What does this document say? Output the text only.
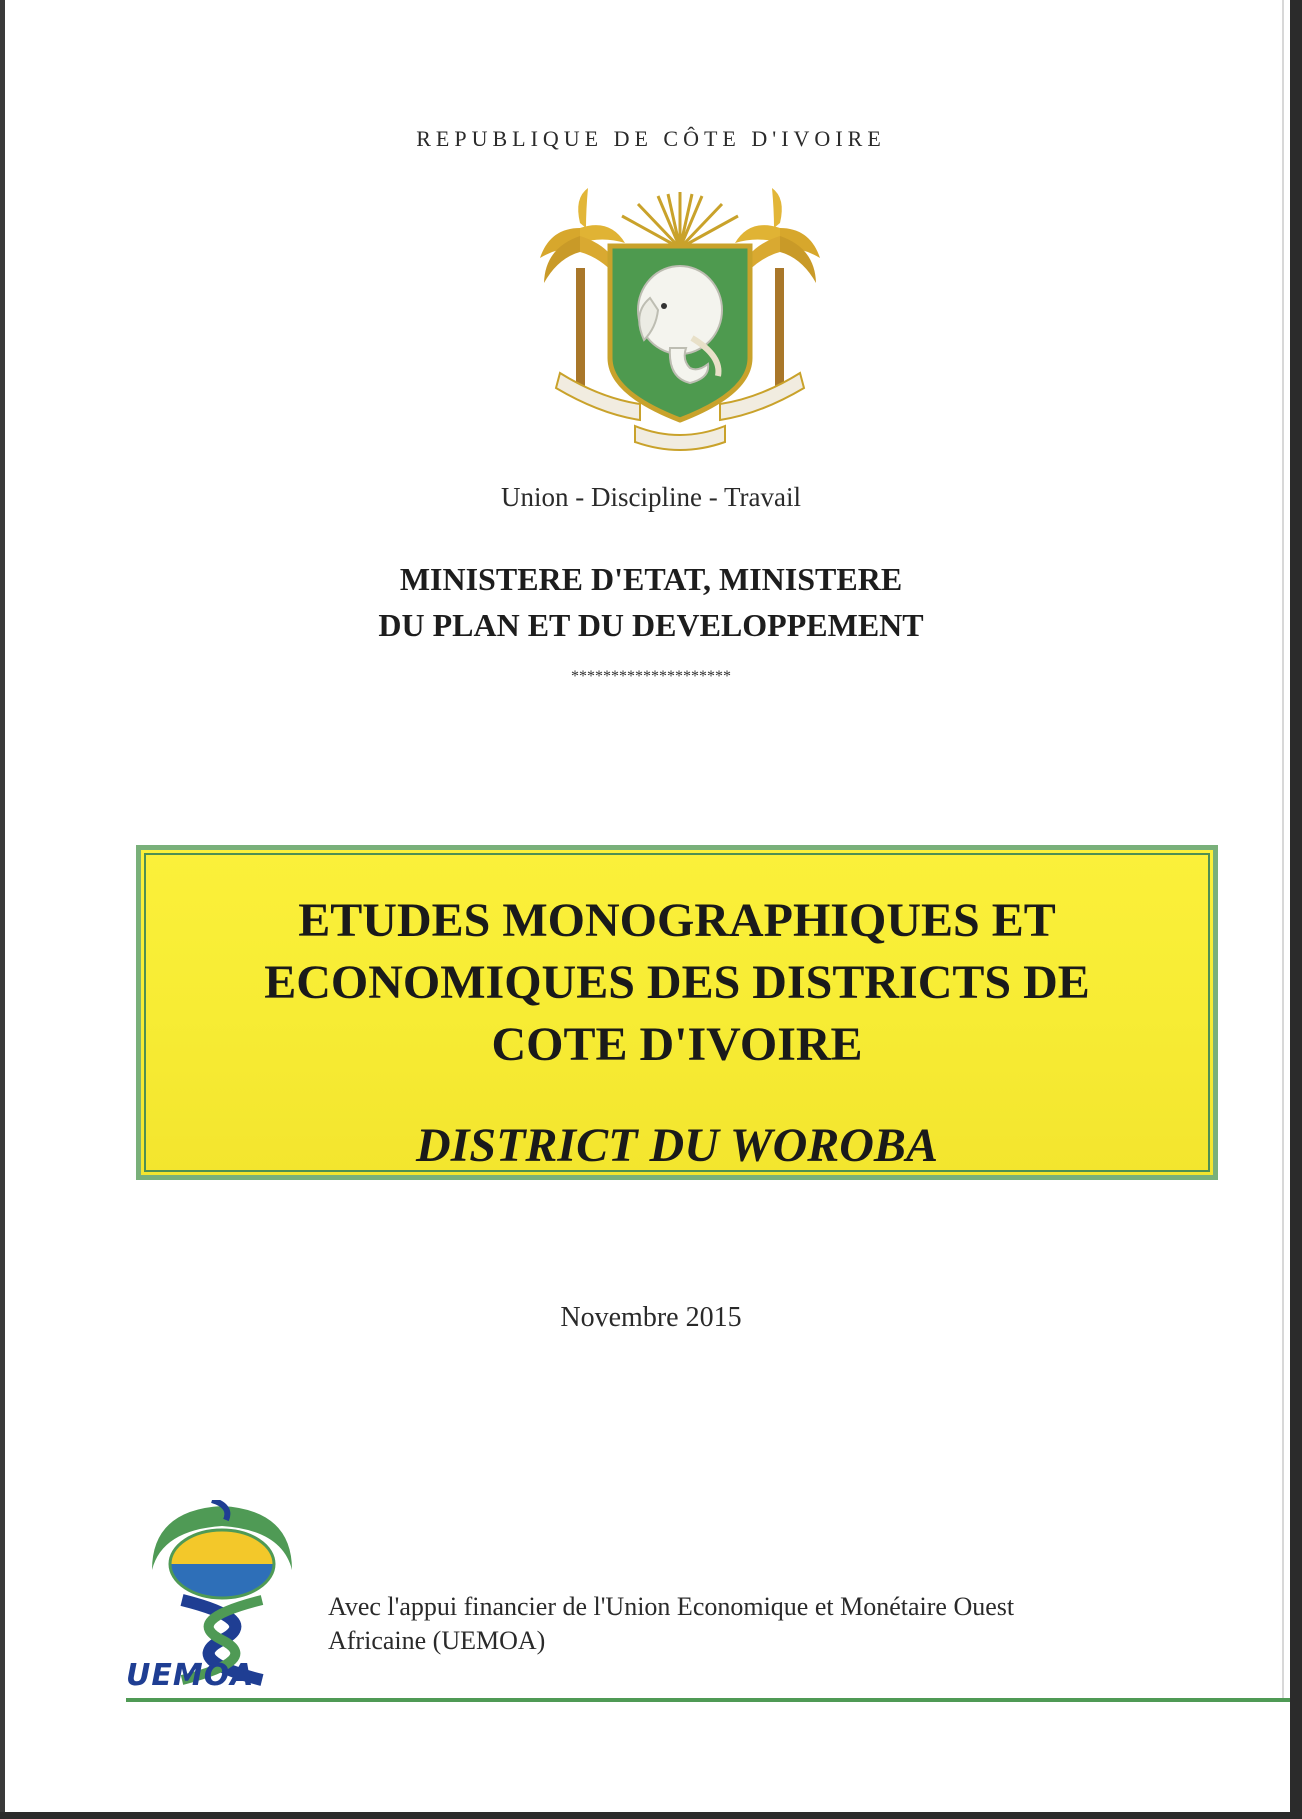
REPUBLIQUE DE CÔTE D'IVOIRE
Union - Discipline - Travail
MINISTERE D'ETAT, MINISTERE
DU PLAN ET DU DEVELOPPEMENT
********************
ETUDES MONOGRAPHIQUES ET
ECONOMIQUES DES DISTRICTS DE
COTE D'IVOIRE
DISTRICT DU WOROBA
Novembre 2015
UEMOA
Avec l'appui financier de l'Union Economique et Monétaire Ouest
Africaine (UEMOA)
